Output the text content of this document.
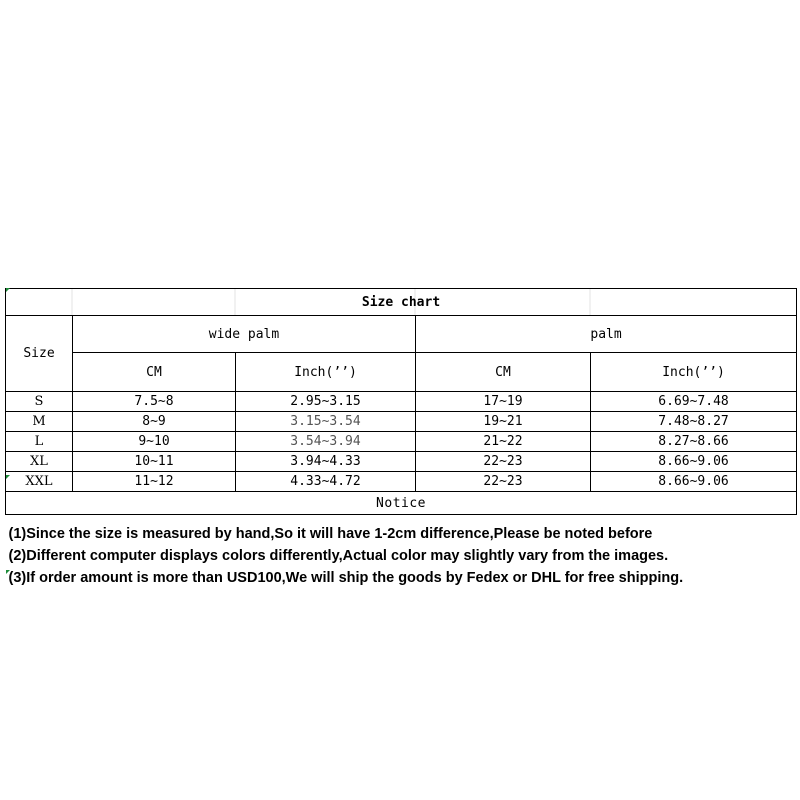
Size chart				
Size	wide palm		palm	
	CM	Inch(’’)	CM	Inch(’’)
S	7.5~8	2.95~3.15	17~19	6.69~7.48
M	8~9	3.15~3.54	19~21	7.48~8.27
L	9~10	3.54~3.94	21~22	8.27~8.66
XL	10~11	3.94~4.33	22~23	8.66~9.06
XXL	11~12	4.33~4.72	22~23	8.66~9.06
Notice				
(1)Since the size is measured by hand,So it will have 1-2cm difference,Please be noted before				
(2)Different computer displays colors differently,Actual color may slightly vary from the images.				
(3)If order amount is more than USD100,We will ship the goods by Fedex or DHL for free shipping.				
